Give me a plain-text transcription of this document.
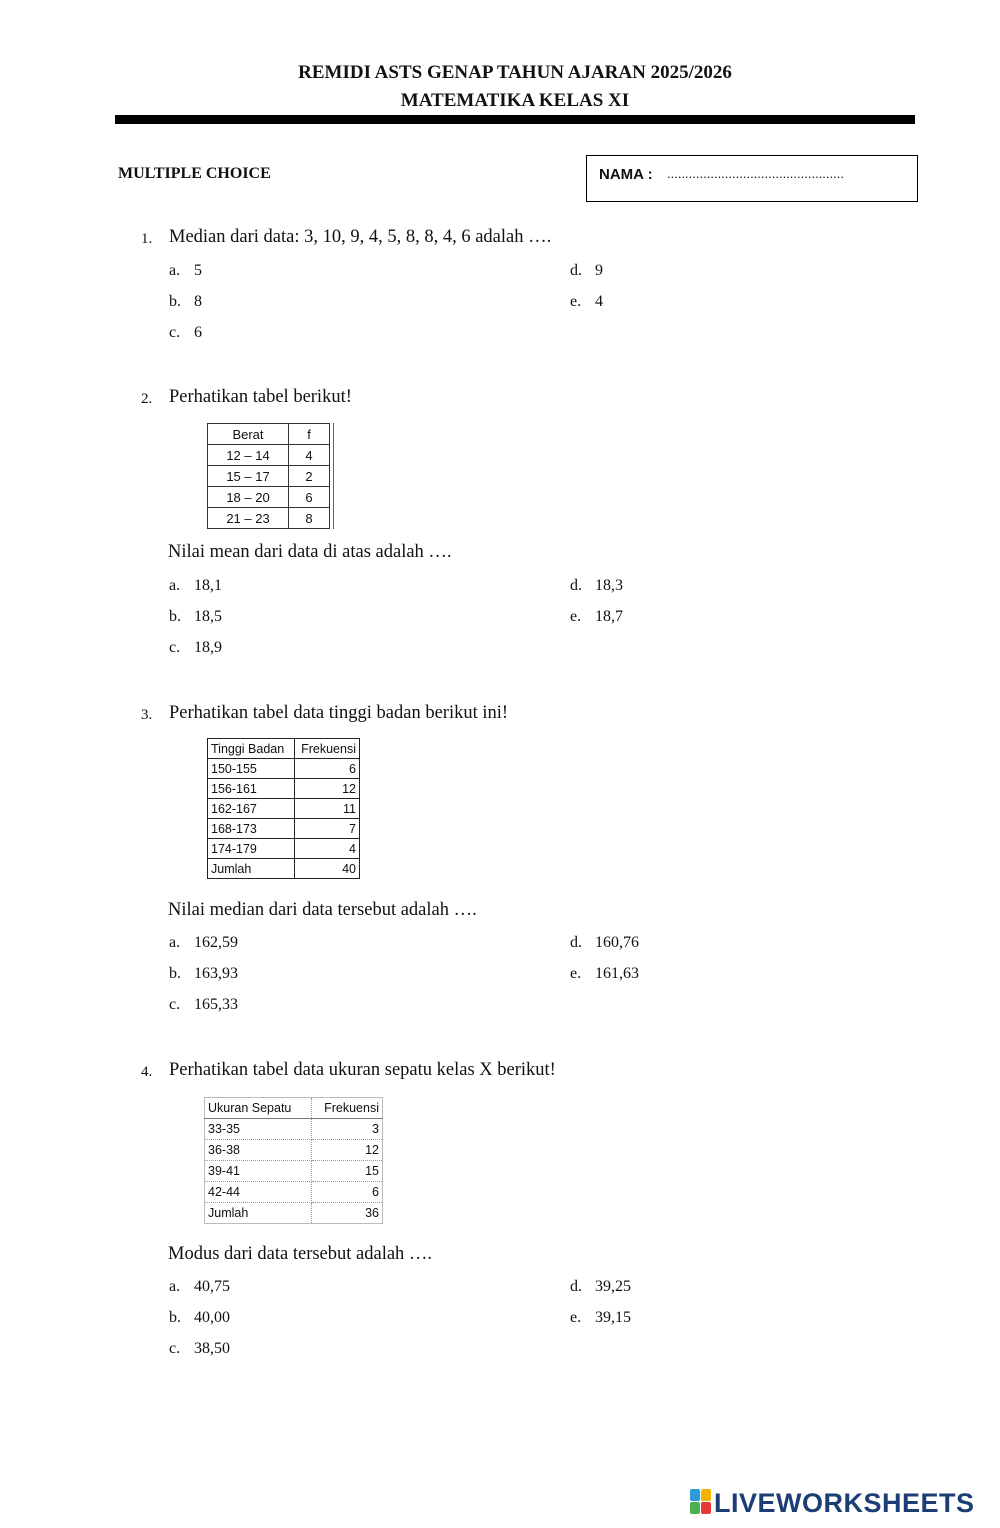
REMIDI ASTS GENAP TAHUN AJARAN 2025/2026
MATEMATIKA KELAS XI
MULTIPLE CHOICE	NAMA : .................................................
1. Median dari data: 3, 10, 9, 4, 5, 8, 8, 4, 6 adalah ….
a. 5	d. 9
b. 8	e. 4
c. 6
2. Perhatikan tabel berikut!
Berat	f
12 – 14	4
15 – 17	2
18 – 20	6
21 – 23	8
Nilai mean dari data di atas adalah ….
a. 18,1	d. 18,3
b. 18,5	e. 18,7
c. 18,9
3. Perhatikan tabel data tinggi badan berikut ini!
Tinggi Badan	Frekuensi
150-155	6
156-161	12
162-167	11
168-173	7
174-179	4
Jumlah	40
Nilai median dari data tersebut adalah ….
a. 162,59	d. 160,76
b. 163,93	e. 161,63
c. 165,33
4. Perhatikan tabel data ukuran sepatu kelas X berikut!
Ukuran Sepatu	Frekuensi
33-35	3
36-38	12
39-41	15
42-44	6
Jumlah	36
Modus dari data tersebut adalah ….
a. 40,75	d. 39,25
b. 40,00	e. 39,15
c. 38,50
LIVEWORKSHEETS
